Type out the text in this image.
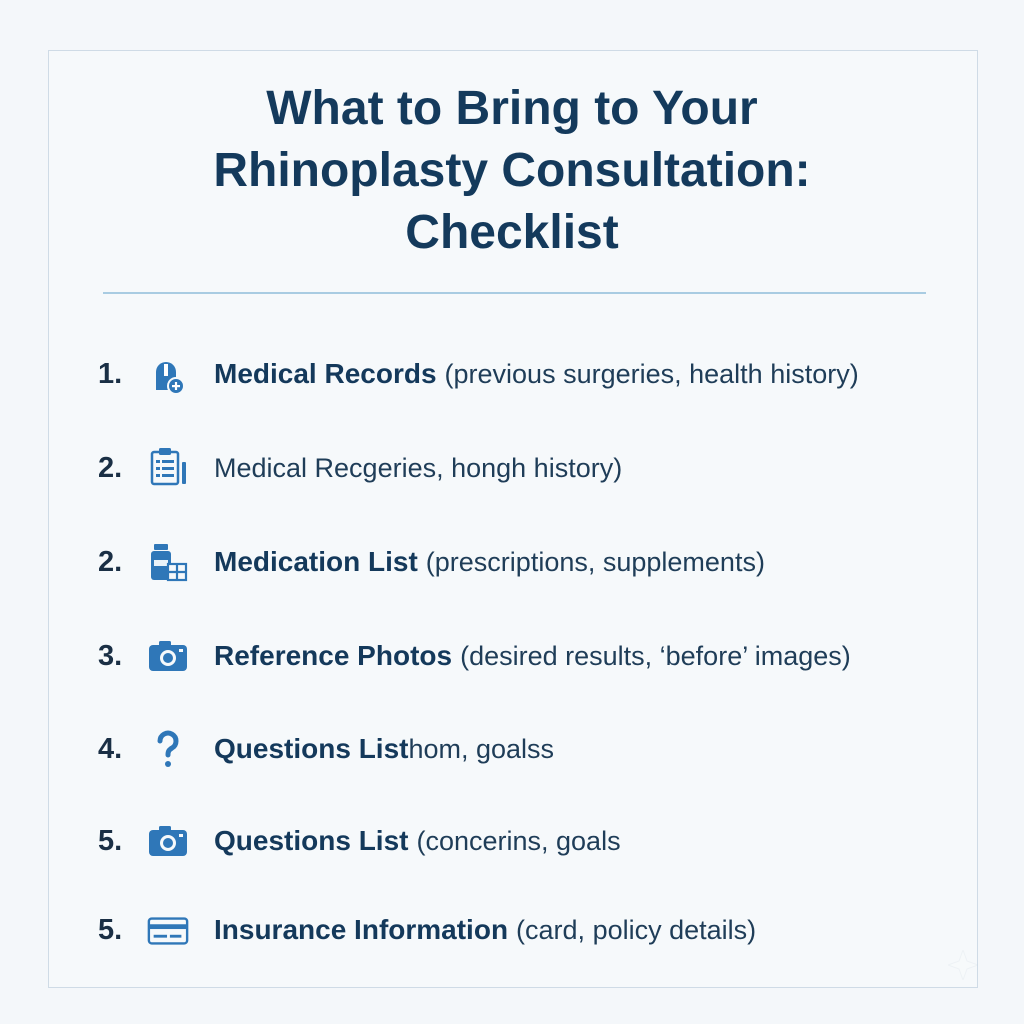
What to Bring to Your
Rhinoplasty Consultation:
Checklist
1.	Medical Records (previous surgeries, health history)
2.	Medical Recgeries, hongh history)
2.	Medication List (prescriptions, supplements)
3.	Reference Photos (desired results, ‘before’ images)
4.	Questions List hom, goalss
5.	Questions List (concerins, goals
5.	Insurance Information (card, policy details)
